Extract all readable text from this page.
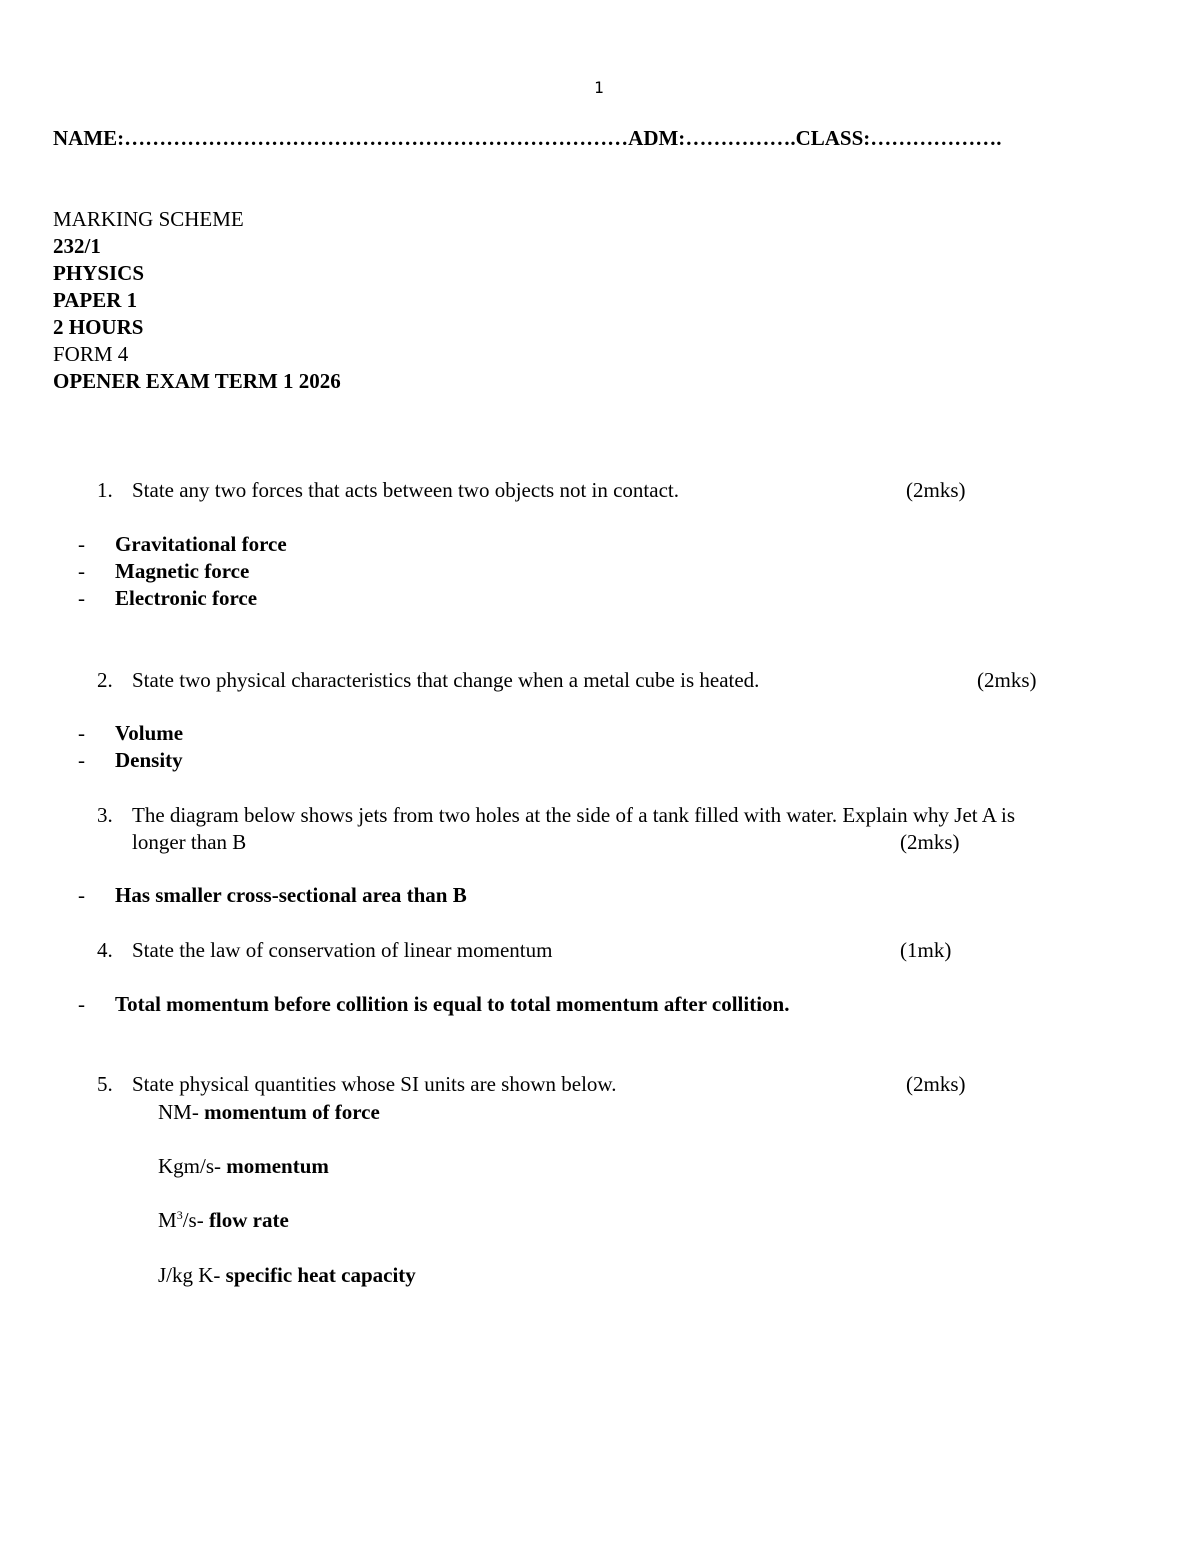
1
NAME:………………………………………………………………ADM:…………….CLASS:……………….
MARKING SCHEME
232/1
PHYSICS
PAPER 1
2 HOURS
FORM 4
OPENER EXAM TERM 1 2026
1. State any two forces that acts between two objects not in contact.	(2mks)
- Gravitational force
- Magnetic force
- Electronic force
2. State two physical characteristics that change when a metal cube is heated.	(2mks)
- Volume
- Density
3. The diagram below shows jets from two holes at the side of a tank filled with water. Explain why Jet A is
longer than B	(2mks)
- Has smaller cross-sectional area than B
4. State the law of conservation of linear momentum	(1mk)
- Total momentum before collition is equal to total momentum after collition.
5. State physical quantities whose SI units are shown below.	(2mks)
NM- momentum of force
Kgm/s- momentum
$M^3/s-$ flow rate
J/kg K- specific heat capacity
